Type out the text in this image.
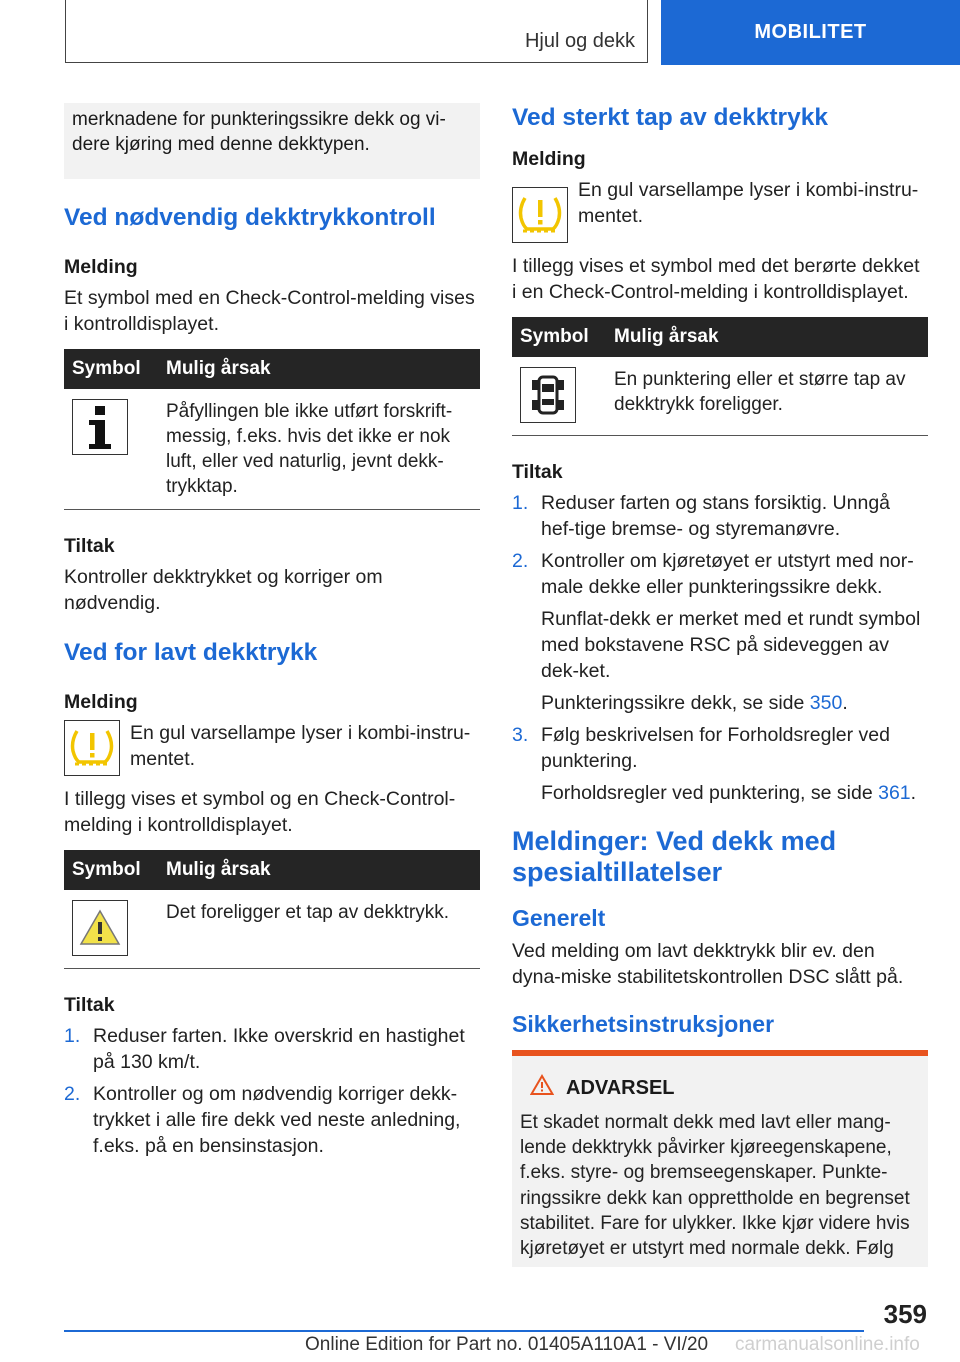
Hjul og dekk	MOBILITET
merknadene for punkteringssikre dekk og vi-dere kjøring med denne dekktypen.
Ved nødvendig dekktrykkontroll
Melding

Et symbol med en Check-Control-melding vises i kontrolldisplayet.

Symbol	Mulig årsak

	Påfyllingen ble ikke utført forskrift-messig, f.eks. hvis det ikke er nok luft, eller ved naturlig, jevnt dekk-trykktap.
Tiltak

Kontroller dekktrykket og korriger om nødvendig.

Ved for lavt dekktrykk
Melding

En gul varsellampe lyser i kombi-instru-mentet.

I tillegg vises et symbol og en Check-Control-melding i kontrolldisplayet.

Symbol	Mulig årsak

	Det foreligger et tap av dekktrykk.
Tiltak
1. Reduser farten. Ikke overskrid en hastighet på 130 km/t.
2. Kontroller og om nødvendig korriger dekk-trykket i alle fire dekk ved neste anledning, f.eks. på en bensinstasjon.
Ved sterkt tap av dekktrykk
Melding

En gul varsellampe lyser i kombi-instru-mentet.

I tillegg vises et symbol med det berørte dekket i en Check-Control-melding i kontrolldisplayet.

Symbol	Mulig årsak

	En punktering eller et større tap av dekktrykk foreligger.
Tiltak
1. Reduser farten og stans forsiktig. Unngå hef-tige bremse- og styremanøvre.
2. Kontroller om kjøretøyet er utstyrt med nor-male dekke eller punkteringssikre dekk.

Runflat-dekk er merket med et rundt symbol med bokstavene RSC på sideveggen av dek-ket.

Punkteringssikre dekk, se side 350.

3. Følg beskrivelsen for Forholdsregler ved punktering.

Forholdsregler ved punktering, se side 361.

Meldinger: Ved dekk med spesialtillatelser
Generelt

Ved melding om lavt dekktrykk blir ev. den dyna-miske stabilitetskontrollen DSC slått på.

Sikkerhetsinstruksjoner
ADVARSEL

Et skadet normalt dekk med lavt eller mang-lende dekktrykk påvirker kjøreegenskapene, f.eks. styre- og bremseegenskaper. Punkte-ringssikre dekk kan opprettholde en begrenset stabilitet. Fare for ulykker. Ikke kjør videre hvis kjøretøyet er utstyrt med normale dekk. Følg

359
Online Edition for Part no. 01405A110A1 - VI/20 carmanualsonline.info
